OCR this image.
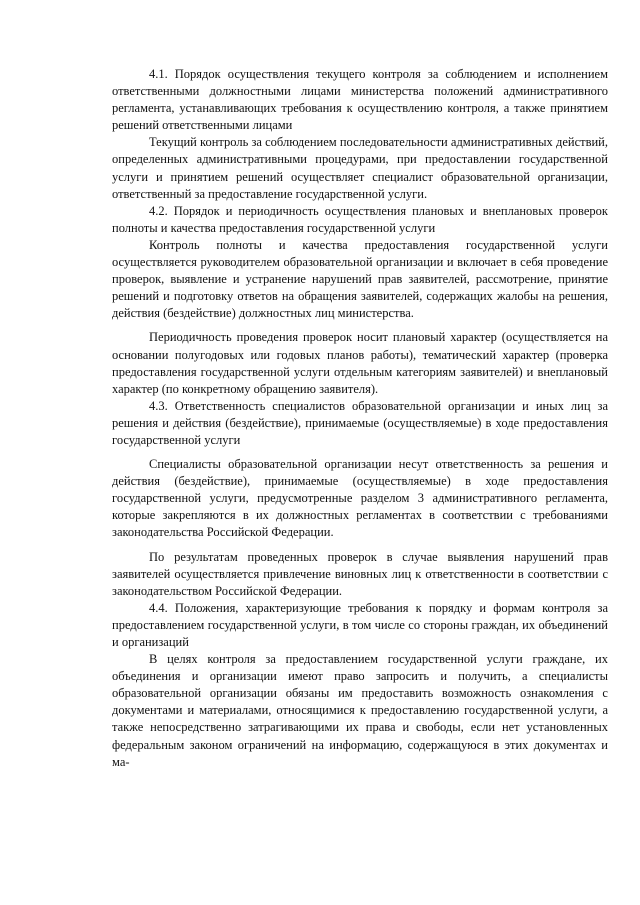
4.1. Порядок осуществления текущего контроля за соблюдением и исполнением ответственными должностными лицами министерства положений административного регламента, устанавливающих требования к осуществлению контроля, а также принятием решений ответственными лицами

Текущий контроль за соблюдением последовательности административных действий, определенных административными процедурами, при предоставлении государственной услуги и принятием решений осуществляет специалист образовательной организации, ответственный за предоставление государственной услуги.

4.2. Порядок и периодичность осуществления плановых и внеплановых проверок полноты и качества предоставления государственной услуги

Контроль полноты и качества предоставления государственной услуги осуществляется руководителем образовательной организации и включает в себя проведение проверок, выявление и устранение нарушений прав заявителей, рассмотрение, принятие решений и подготовку ответов на обращения заявителей, содержащих жалобы на решения, действия (бездействие) должностных лиц министерства.

Периодичность проведения проверок носит плановый характер (осуществляется на основании полугодовых или годовых планов работы), тематический характер (проверка предоставления государственной услуги отдельным категориям заявителей) и внеплановый характер (по конкретному обращению заявителя).

4.3. Ответственность специалистов образовательной организации и иных лиц за решения и действия (бездействие), принимаемые (осуществляемые) в ходе предоставления государственной услуги

Специалисты образовательной организации несут ответственность за решения и действия (бездействие), принимаемые (осуществляемые) в ходе предоставления государственной услуги, предусмотренные разделом 3 административного регламента, которые закрепляются в их должностных регламентах в соответствии с требованиями законодательства Российской Федерации.

По результатам проведенных проверок в случае выявления нарушений прав заявителей осуществляется привлечение виновных лиц к ответственности в соответствии с законодательством Российской Федерации.

4.4. Положения, характеризующие требования к порядку и формам контроля за предоставлением государственной услуги, в том числе со стороны граждан, их объединений и организаций

В целях контроля за предоставлением государственной услуги граждане, их объединения и организации имеют право запросить и получить, а специалисты образовательной организации обязаны им предоставить возможность ознакомления с документами и материалами, относящимися к предоставлению государственной услуги, а также непосредственно затрагивающими их права и свободы, если нет установленных федеральным законом ограничений на информацию, содержащуюся в этих документах и ма-
